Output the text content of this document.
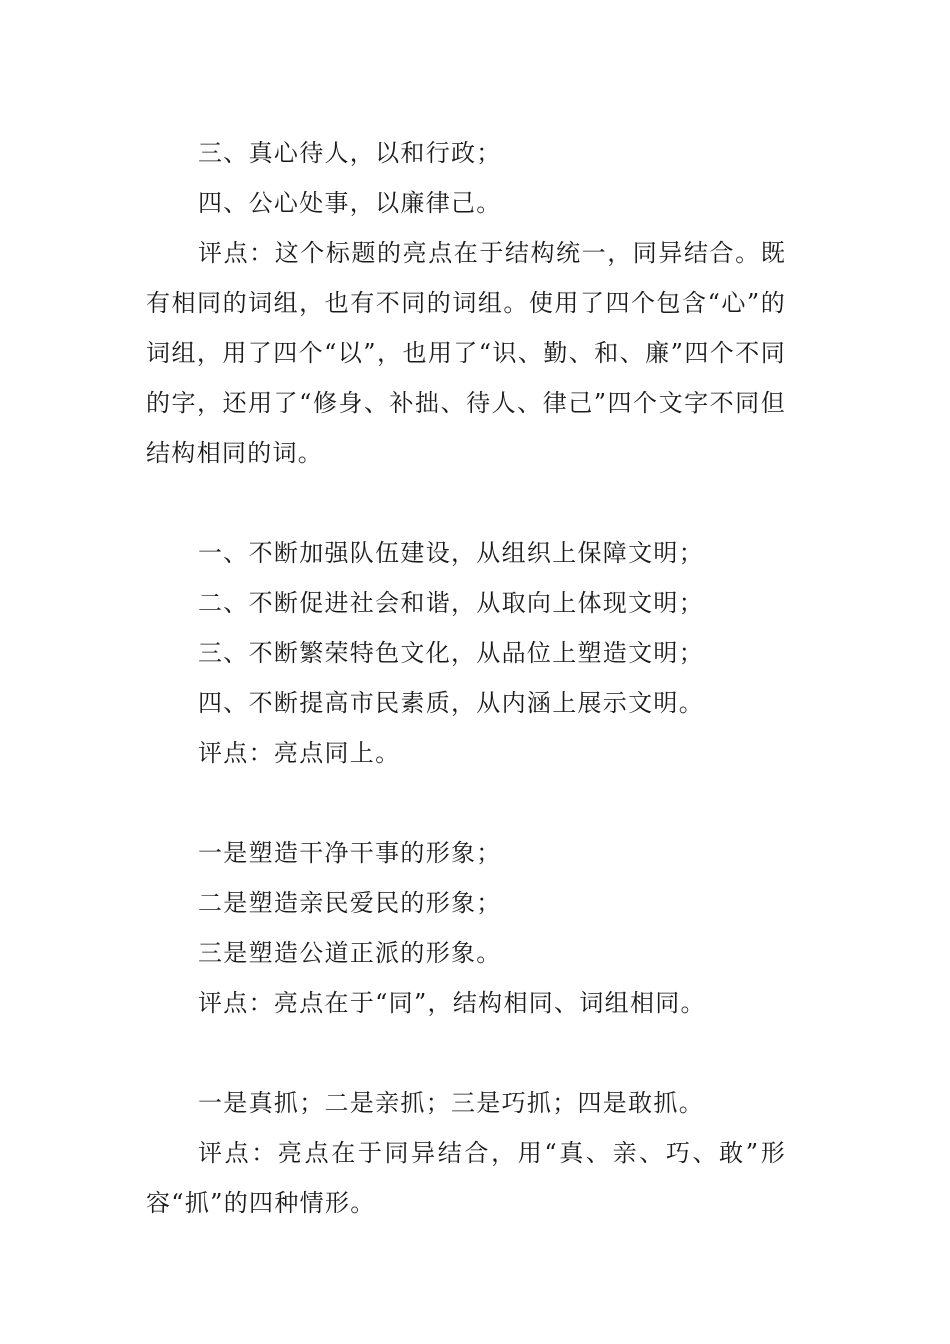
三、真心待人，以和行政；

四、公心处事，以廉律己。

评点：这个标题的亮点在于结构统一，同异结合。既有相同的词组，也有不同的词组。使用了四个包含“心”的词组，用了四个“以”，也用了“识、勤、和、廉”四个不同的字，还用了“修身、补拙、待人、律己”四个文字不同但结构相同的词。

一、不断加强队伍建设，从组织上保障文明；

二、不断促进社会和谐，从取向上体现文明；

三、不断繁荣特色文化，从品位上塑造文明；

四、不断提高市民素质，从内涵上展示文明。

评点：亮点同上。

一是塑造干净干事的形象；

二是塑造亲民爱民的形象；

三是塑造公道正派的形象。

评点：亮点在于“同”，结构相同、词组相同。

一是真抓；二是亲抓；三是巧抓；四是敢抓。

评点：亮点在于同异结合，用“真、亲、巧、敢”形容“抓”的四种情形。
